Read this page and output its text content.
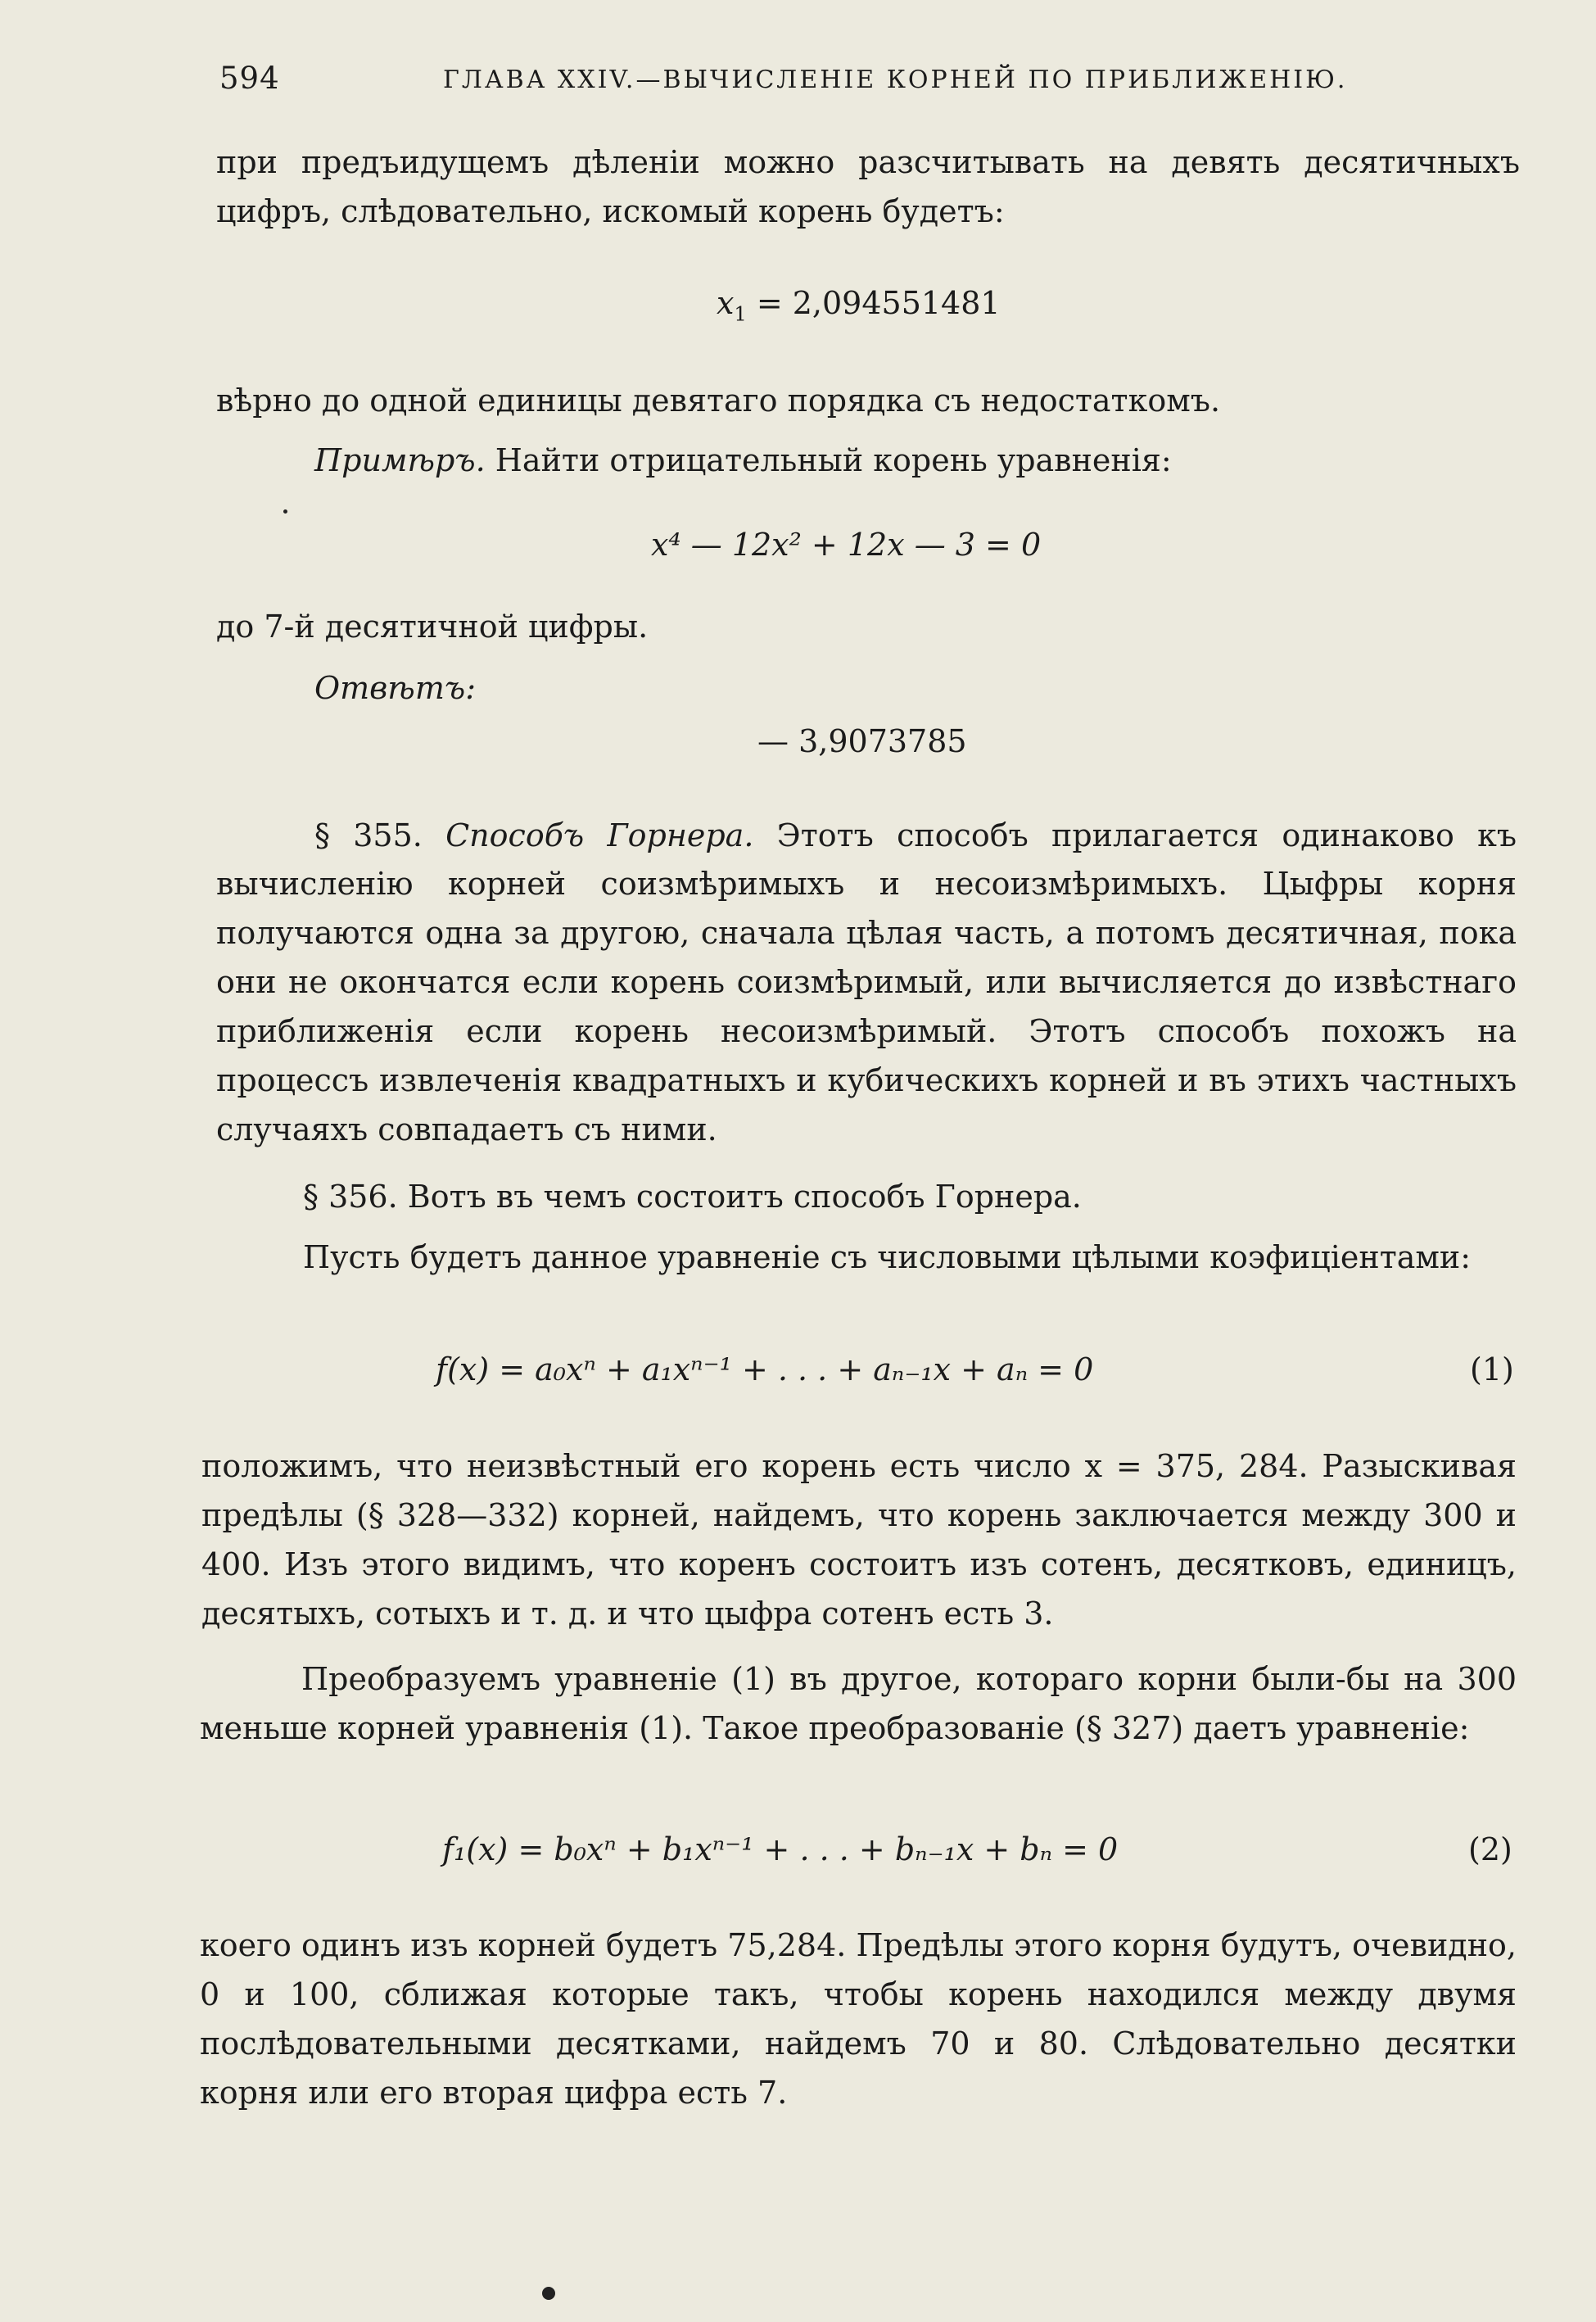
594	ГЛАВА XXIV.—ВЫЧИСЛЕНІЕ КОРНЕЙ ПО ПРИБЛИЖЕНІЮ.

при предъидущемъ дѣленіи можно разсчитывать на девять десятичныхъ цифръ, слѣдовательно, искомый корень будетъ:

$x_1 = 2,094551481$

вѣрно до одной единицы девятаго порядка съ недостаткомъ.

Примѣръ. Найти отрицательный корень уравненія:
x⁴ — 12x² + 12x — 3 = 0

до 7-й десятичной цифры.

Отвѣтъ:

— 3,9073785

§ 355. Способъ Горнера. Этотъ способъ прилагается одинаково къ

вычисленію корней соизмѣримыхъ и несоизмѣримыхъ. Цыфры корня получаются одна за другою, сначала цѣлая часть, а потомъ десятичная, пока они не окончатся если корень соизмѣримый, или вычисляется до извѣстнаго приближенія если корень несоизмѣримый. Этотъ способъ похожъ на процессъ извлеченія квадратныхъ и кубическихъ корней и въ этихъ частныхъ случаяхъ совпадаетъ съ ними.

§ 356. Вотъ въ чемъ состоитъ способъ Горнера.

Пусть будетъ данное уравненіе съ числовыми цѣлыми коэфиціентами:

f(x) = a₀xⁿ + a₁xⁿ⁻¹ + . . . + aₙ₋₁x + aₙ = 0	(1)

положимъ, что неизвѣстный его корень есть число x = 375, 284. Разыскивая предѣлы (§ 328—332) корней, найдемъ, что корень заключается между 300 и 400. Изъ этого видимъ, что коренъ состоитъ изъ сотенъ, десятковъ, единицъ, десятыхъ, сотыхъ и т. д. и что цыфра сотенъ есть 3.

Преобразуемъ уравненіе (1) въ другое, котораго корни были-бы на 300 меньше корней уравненія (1). Такое преобразованіе (§ 327) даетъ уравненіе:

f₁(x) = b₀xⁿ + b₁xⁿ⁻¹ + . . . + bₙ₋₁x + bₙ = 0	(2)

коего одинъ изъ корней будетъ 75,284. Предѣлы этого корня будутъ, очевидно, 0 и 100, сближая которые такъ, чтобы корень находился между двумя послѣдовательными десятками, найдемъ 70 и 80. Слѣдовательно десятки корня или его вторая цифра есть 7.
